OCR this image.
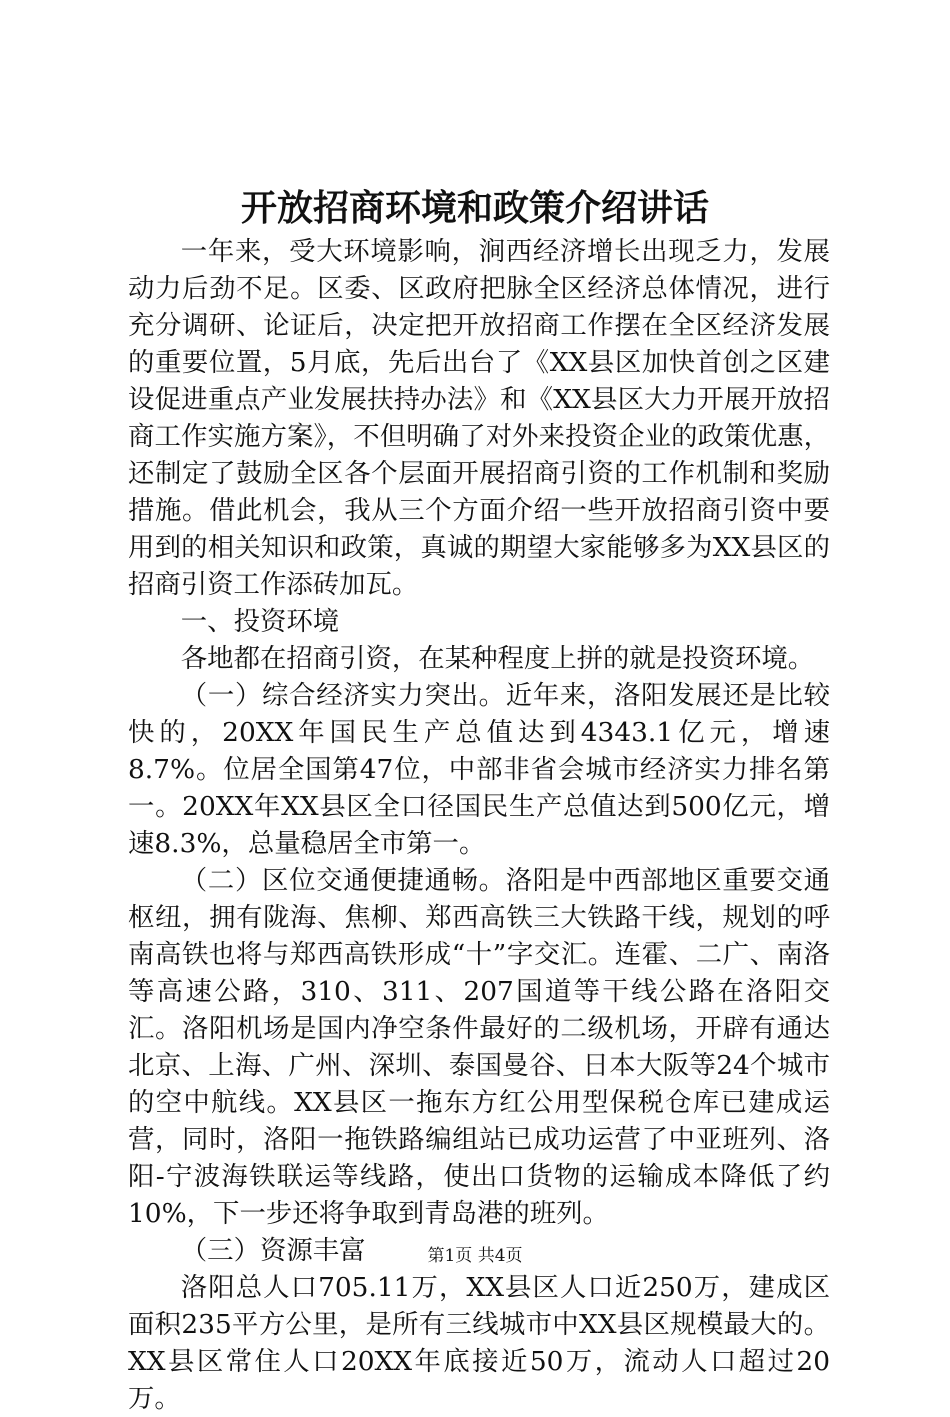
开放招商环境和政策介绍讲话

一年来，受大环境影响，涧西经济增长出现乏力，发展动力后劲不足。区委、区政府把脉全区经济总体情况，进行充分调研、论证后，决定把开放招商工作摆在全区经济发展的重要位置，5月底，先后出台了《XX县区加快首创之区建设促进重点产业发展扶持办法》和《XX县区大力开展开放招商工作实施方案》，不但明确了对外来投资企业的政策优惠，还制定了鼓励全区各个层面开展招商引资的工作机制和奖励措施。借此机会，我从三个方面介绍一些开放招商引资中要用到的相关知识和政策，真诚的期望大家能够多为XX县区的招商引资工作添砖加瓦。

一、投资环境

各地都在招商引资，在某种程度上拼的就是投资环境。

（一）综合经济实力突出。近年来，洛阳发展还是比较快的，20XX年国民生产总值达到4343.1亿元，增速8.7%。位居全国第47位，中部非省会城市经济实力排名第一。20XX年XX县区全口径国民生产总值达到500亿元，增速8.3%，总量稳居全市第一。

（二）区位交通便捷通畅。洛阳是中西部地区重要交通枢纽，拥有陇海、焦柳、郑西高铁三大铁路干线，规划的呼南高铁也将与郑西高铁形成“十”字交汇。连霍、二广、南洛等高速公路，310、311、207国道等干线公路在洛阳交汇。洛阳机场是国内净空条件最好的二级机场，开辟有通达北京、上海、广州、深圳、泰国曼谷、日本大阪等24个城市的空中航线。XX县区一拖东方红公用型保税仓库已建成运营，同时，洛阳一拖铁路编组站已成功运营了中亚班列、洛阳-宁波海铁联运等线路，使出口货物的运输成本降低了约10%，下一步还将争取到青岛港的班列。

（三）资源丰富

洛阳总人口705.11万，XX县区人口近250万，建成区面积235平方公里，是所有三线城市中XX县区规模最大的。XX县区常住人口20XX年底接近50万，流动人口超过20万。

第1页 共4页
